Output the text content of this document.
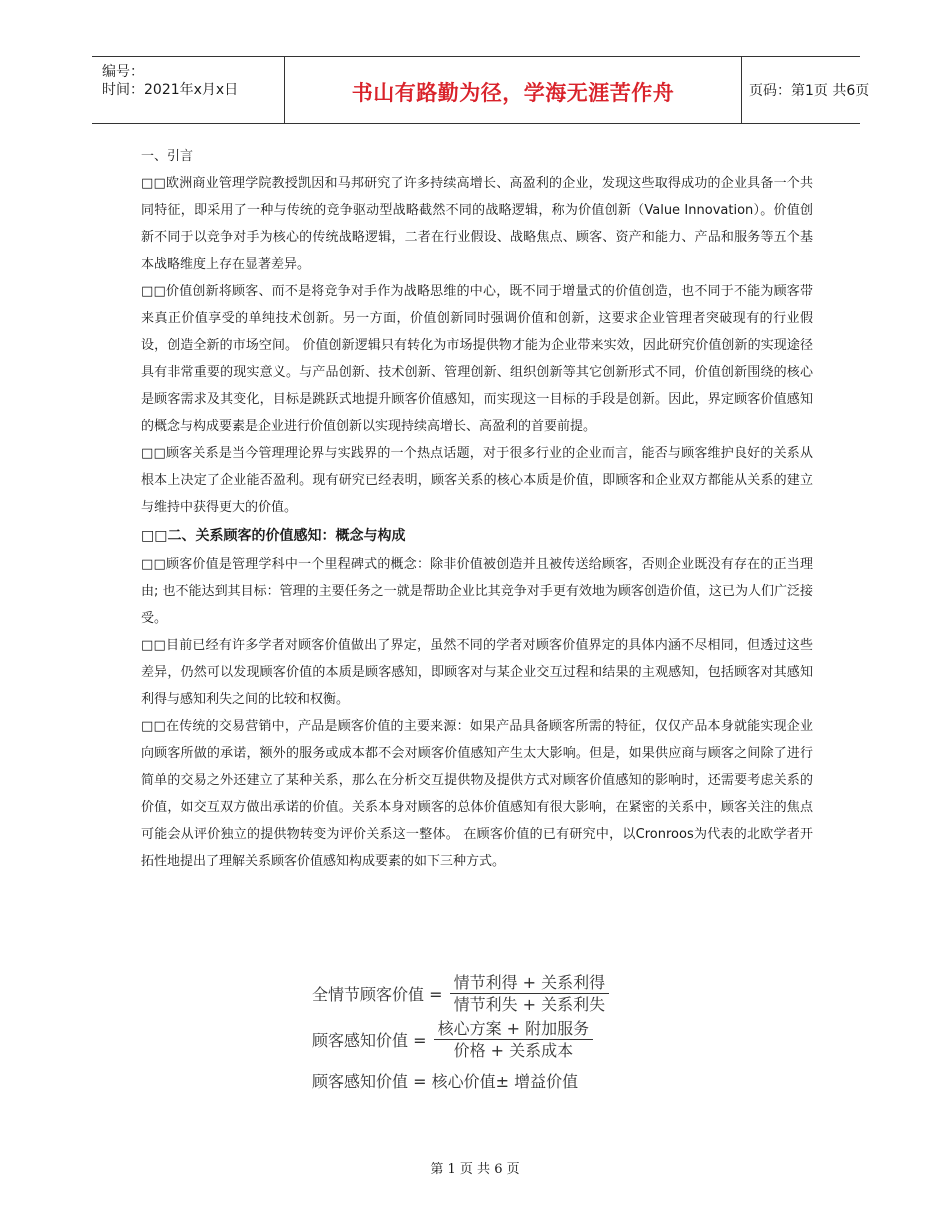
编号：
时间：2021年x月x日	书山有路勤为径，学海无涯苦作舟	页码：第1页 共6页

一、引言

□□欧洲商业管理学院教授凯因和马邦研究了许多持续高增长、高盈利的企业，发现这些取得成功的企业具备一个共同特征，即采用了一种与传统的竞争驱动型战略截然不同的战略逻辑，称为价值创新（Value Innovation）。价值创新不同于以竞争对手为核心的传统战略逻辑，二者在行业假设、战略焦点、顾客、资产和能力、产品和服务等五个基本战略维度上存在显著差异。

□□价值创新将顾客、而不是将竞争对手作为战略思维的中心，既不同于增量式的价值创造，也不同于不能为顾客带来真正价值享受的单纯技术创新。另一方面，价值创新同时强调价值和创新，这要求企业管理者突破现有的行业假设，创造全新的市场空间。 价值创新逻辑只有转化为市场提供物才能为企业带来实效，因此研究价值创新的实现途径具有非常重要的现实意义。与产品创新、技术创新、管理创新、组织创新等其它创新形式不同，价值创新围绕的核心是顾客需求及其变化，目标是跳跃式地提升顾客价值感知，而实现这一目标的手段是创新。因此，界定顾客价值感知的概念与构成要素是企业进行价值创新以实现持续高增长、高盈利的首要前提。

□□顾客关系是当今管理理论界与实践界的一个热点话题，对于很多行业的企业而言，能否与顾客维护良好的关系从根本上决定了企业能否盈利。现有研究已经表明，顾客关系的核心本质是价值，即顾客和企业双方都能从关系的建立与维持中获得更大的价值。

□□二、关系顾客的价值感知：概念与构成

□□顾客价值是管理学科中一个里程碑式的概念：除非价值被创造并且被传送给顾客，否则企业既没有存在的正当理由; 也不能达到其目标：管理的主要任务之一就是帮助企业比其竞争对手更有效地为顾客创造价值，这已为人们广泛接受。

□□目前已经有许多学者对顾客价值做出了界定，虽然不同的学者对顾客价值界定的具体内涵不尽相同，但透过这些差异，仍然可以发现顾客价值的本质是顾客感知，即顾客对与某企业交互过程和结果的主观感知，包括顾客对其感知利得与感知利失之间的比较和权衡。

□□在传统的交易营销中，产品是顾客价值的主要来源：如果产品具备顾客所需的特征，仅仅产品本身就能实现企业向顾客所做的承诺，额外的服务或成本都不会对顾客价值感知产生太大影响。但是，如果供应商与顾客之间除了进行简单的交易之外还建立了某种关系，那么在分析交互提供物及提供方式对顾客价值感知的影响时，还需要考虑关系的价值，如交互双方做出承诺的价值。关系本身对顾客的总体价值感知有很大影响，在紧密的关系中，顾客关注的焦点可能会从评价独立的提供物转变为评价关系这一整体。 在顾客价值的已有研究中，以Cronroos为代表的北欧学者开拓性地提出了理解关系顾客价值感知构成要素的如下三种方式。

全情节顾客价值 = $\frac{\text{情节利得 + 关系利得}}{\text{情节利失 + 关系利失}}$
顾客感知价值 = $\frac{\text{核心方案 + 附加服务}}{\text{价格 + 关系成本}}$
顾客感知价值 = 核心价值± 增益价值
第 1 页 共 6 页
